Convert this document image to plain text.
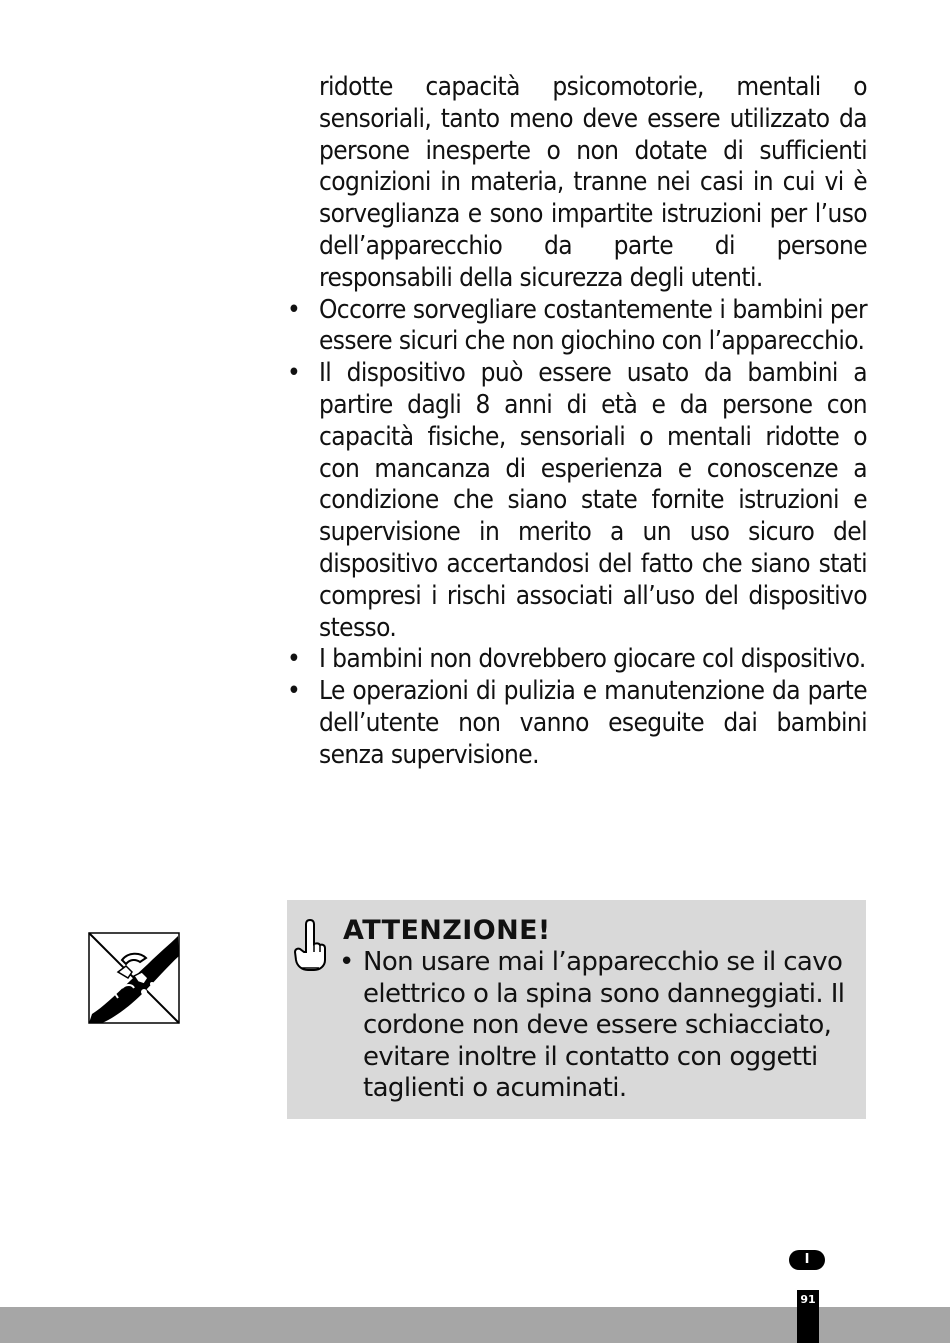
ridotte capacità psicomotorie, mentali o sensoriali, tanto meno deve essere utilizzato da persone inesperte o non dotate di sufficienti cognizioni in materia, tranne nei casi in cui vi è sorveglianza e sono impartite istruzioni per l’uso dell’apparecchio da parte di persone responsabili della sicurezza degli utenti.

• Occorre sorvegliare costantemente i bambini per essere sicuri che non giochino con l’apparecchio.

• Il dispositivo può essere usato da bambini a partire dagli 8 anni di età e da persone con capacità fisiche, sensoriali o mentali ridotte o con mancanza di esperienza e conoscenze a condizione che siano state fornite istruzioni e supervisione in merito a un uso sicuro del dispositivo accertandosi del fatto che siano stati compresi i rischi associati all’uso del dispositivo stesso.

• I bambini non dovrebbero giocare col dispositivo.

• Le operazioni di pulizia e manutenzione da parte dell’utente non vanno eseguite dai bambini senza supervisione.

ATTENZIONE!

• Non usare mai l’apparecchio se il cavo elettrico o la spina sono danneggiati. Il cordone non deve essere schiacciato, evitare inoltre il contatto con oggetti taglienti o acuminati.

I
91
